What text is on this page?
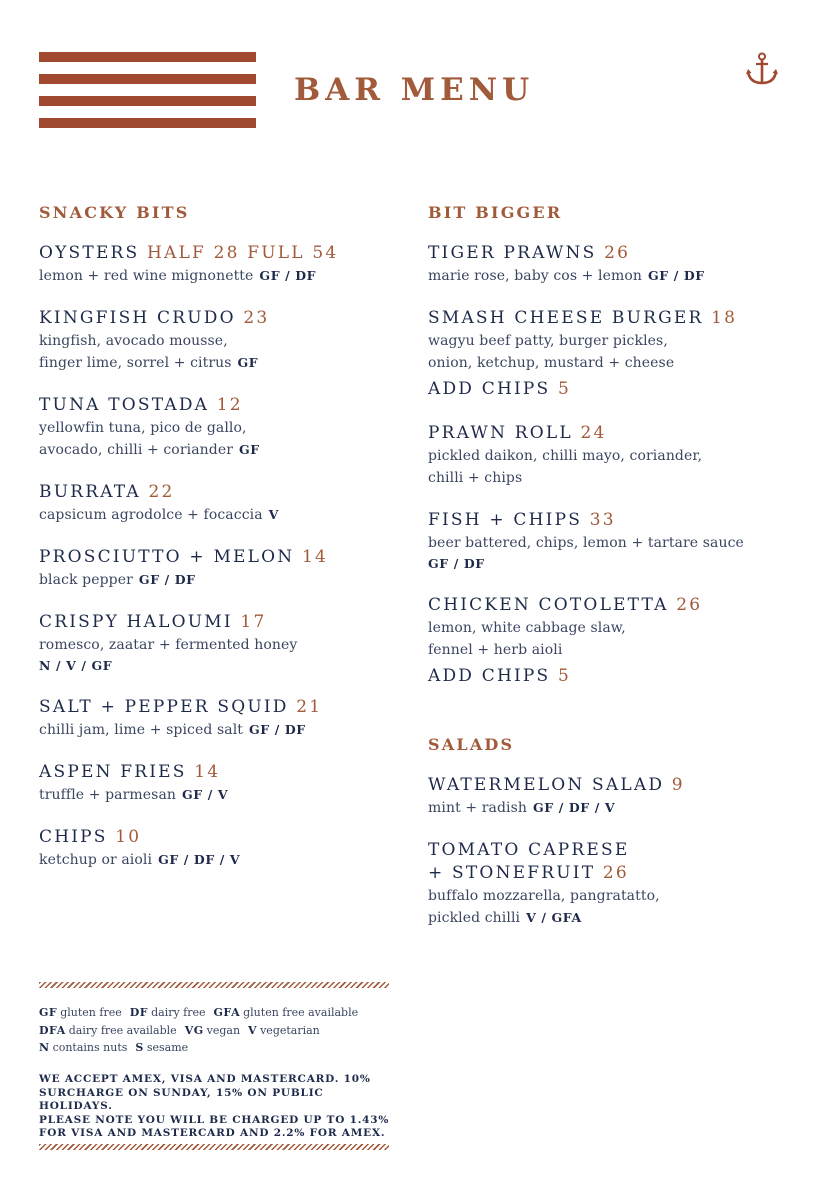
BAR MENU
SNACKY BITS
OYSTERS HALF 28 FULL 54
lemon + red wine mignonette GF / DF
KINGFISH CRUDO 23
kingfish, avocado mousse,
finger lime, sorrel + citrus GF
TUNA TOSTADA 12
yellowfin tuna, pico de gallo,
avocado, chilli + coriander GF
BURRATA 22
capsicum agrodolce + focaccia V
PROSCIUTTO + MELON 14
black pepper GF / DF
CRISPY HALOUMI 17
romesco, zaatar + fermented honey
N / V / GF
SALT + PEPPER SQUID 21
chilli jam, lime + spiced salt GF / DF
ASPEN FRIES 14
truffle + parmesan GF / V
CHIPS 10
ketchup or aioli GF / DF / V
BIT BIGGER
TIGER PRAWNS 26
marie rose, baby cos + lemon GF / DF
SMASH CHEESE BURGER 18
wagyu beef patty, burger pickles,
onion, ketchup, mustard + cheese
ADD CHIPS 5
PRAWN ROLL 24
pickled daikon, chilli mayo, coriander,
chilli + chips
FISH + CHIPS 33
beer battered, chips, lemon + tartare sauce
GF / DF
CHICKEN COTOLETTA 26
lemon, white cabbage slaw,
fennel + herb aioli
ADD CHIPS 5
SALADS
WATERMELON SALAD 9
mint + radish GF / DF / V
TOMATO CAPRESE
+ STONEFRUIT 26
buffalo mozzarella, pangratatto,
pickled chilli V / GFA
GF gluten free DF dairy free GFA gluten free available
DFA dairy free available VG vegan V vegetarian
N contains nuts S sesame
WE ACCEPT AMEX, VISA AND MASTERCARD. 10%
SURCHARGE ON SUNDAY, 15% ON PUBLIC HOLIDAYS.
PLEASE NOTE YOU WILL BE CHARGED UP TO 1.43%
FOR VISA AND MASTERCARD AND 2.2% FOR AMEX.
